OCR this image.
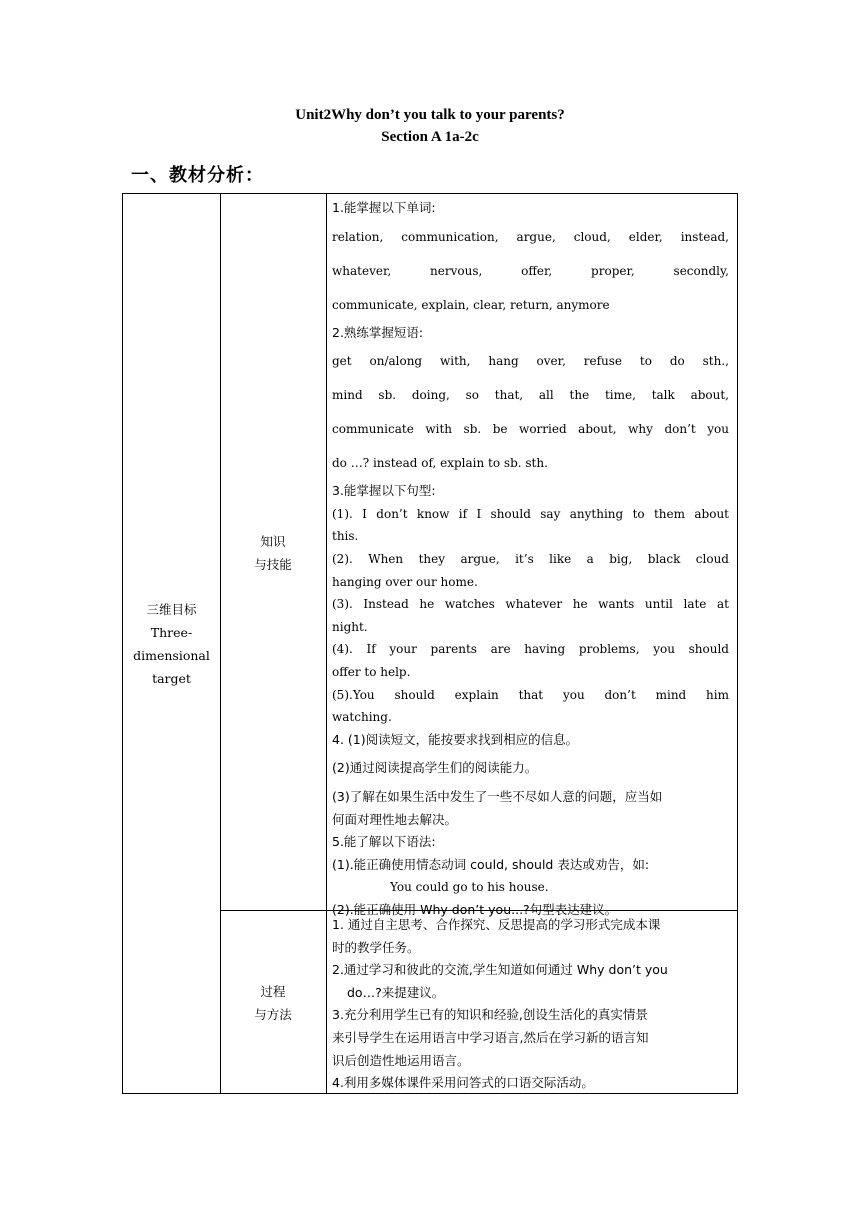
Unit2Why don’t you talk to your parents?
Section A 1a-2c
一、教材分析：
三维目标
Three-
dimensional
target
知识
与技能
过程
与方法
1.能掌握以下单词:
relation, communication, argue, cloud, elder, instead,
whatever, nervous, offer, proper, secondly,
communicate, explain, clear, return, anymore
2.熟练掌握短语:
get on/along with, hang over, refuse to do sth.,
mind sb. doing, so that, all the time, talk about,
communicate with sb. be worried about, why don’t you
do …? instead of, explain to sb. sth.
3.能掌握以下句型:
(1). I don’t know if I should say anything to them about
this.
(2). When they argue, it’s like a big, black cloud
hanging over our home.
(3). Instead he watches whatever he wants until late at
night.
(4). If your parents are having problems, you should
offer to help.
(5).You should explain that you don’t mind him
watching.
4. (1)阅读短文，能按要求找到相应的信息。
(2)通过阅读提高学生们的阅读能力。
(3)了解在如果生活中发生了一些不尽如人意的问题，应当如
何面对理性地去解决。
5.能了解以下语法:
(1).能正确使用情态动词 could, should 表达或劝告，如:
You could go to his house.
(2).能正确使用 Why don’t you...?句型表达建议。
1. 通过自主思考、合作探究、反思提高的学习形式完成本课
时的教学任务。
2.通过学习和彼此的交流,学生知道如何通过 Why don’t you
do…?来提建议。
3.充分利用学生已有的知识和经验,创设生活化的真实情景
来引导学生在运用语言中学习语言,然后在学习新的语言知
识后创造性地运用语言。
4.利用多媒体课件采用问答式的口语交际活动。
